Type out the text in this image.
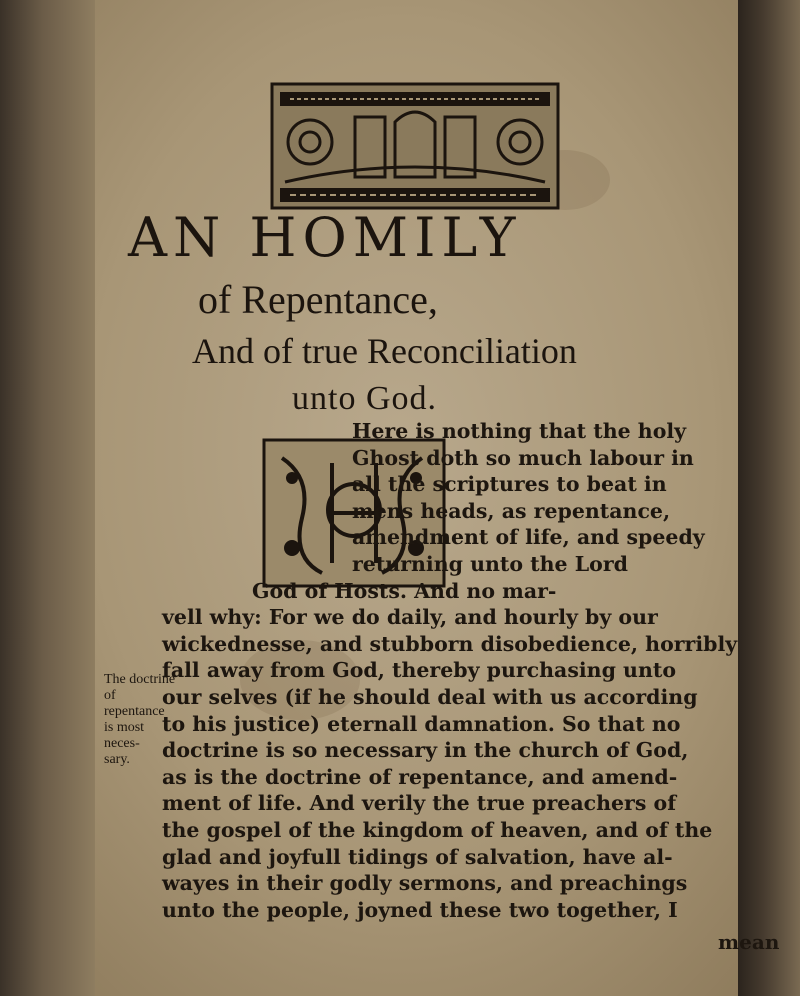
AN HOMILY
of Repentance,
And of true Reconciliation
unto God.
Here is nothing that the holy
Ghost doth so much labour in
all the scriptures to beat in
mens heads, as repentance,
amendment of life, and speedy
returning unto the Lord
God of Hosts. And no mar-
vell why: For we do daily, and hourly by our
wickednesse, and stubborn disobedience, horribly
fall away from God, thereby purchasing unto
our selves (if he should deal with us according
to his justice) eternall damnation. So that no
doctrine is so necessary in the church of God,
as is the doctrine of repentance, and amend-
ment of life. And verily the true preachers of
the gospel of the kingdom of heaven, and of the
glad and joyfull tidings of salvation, have al-
wayes in their godly sermons, and preachings
unto the people, joyned these two together, I
The doctrine
of repentance
is most neces-
sary.
mean
